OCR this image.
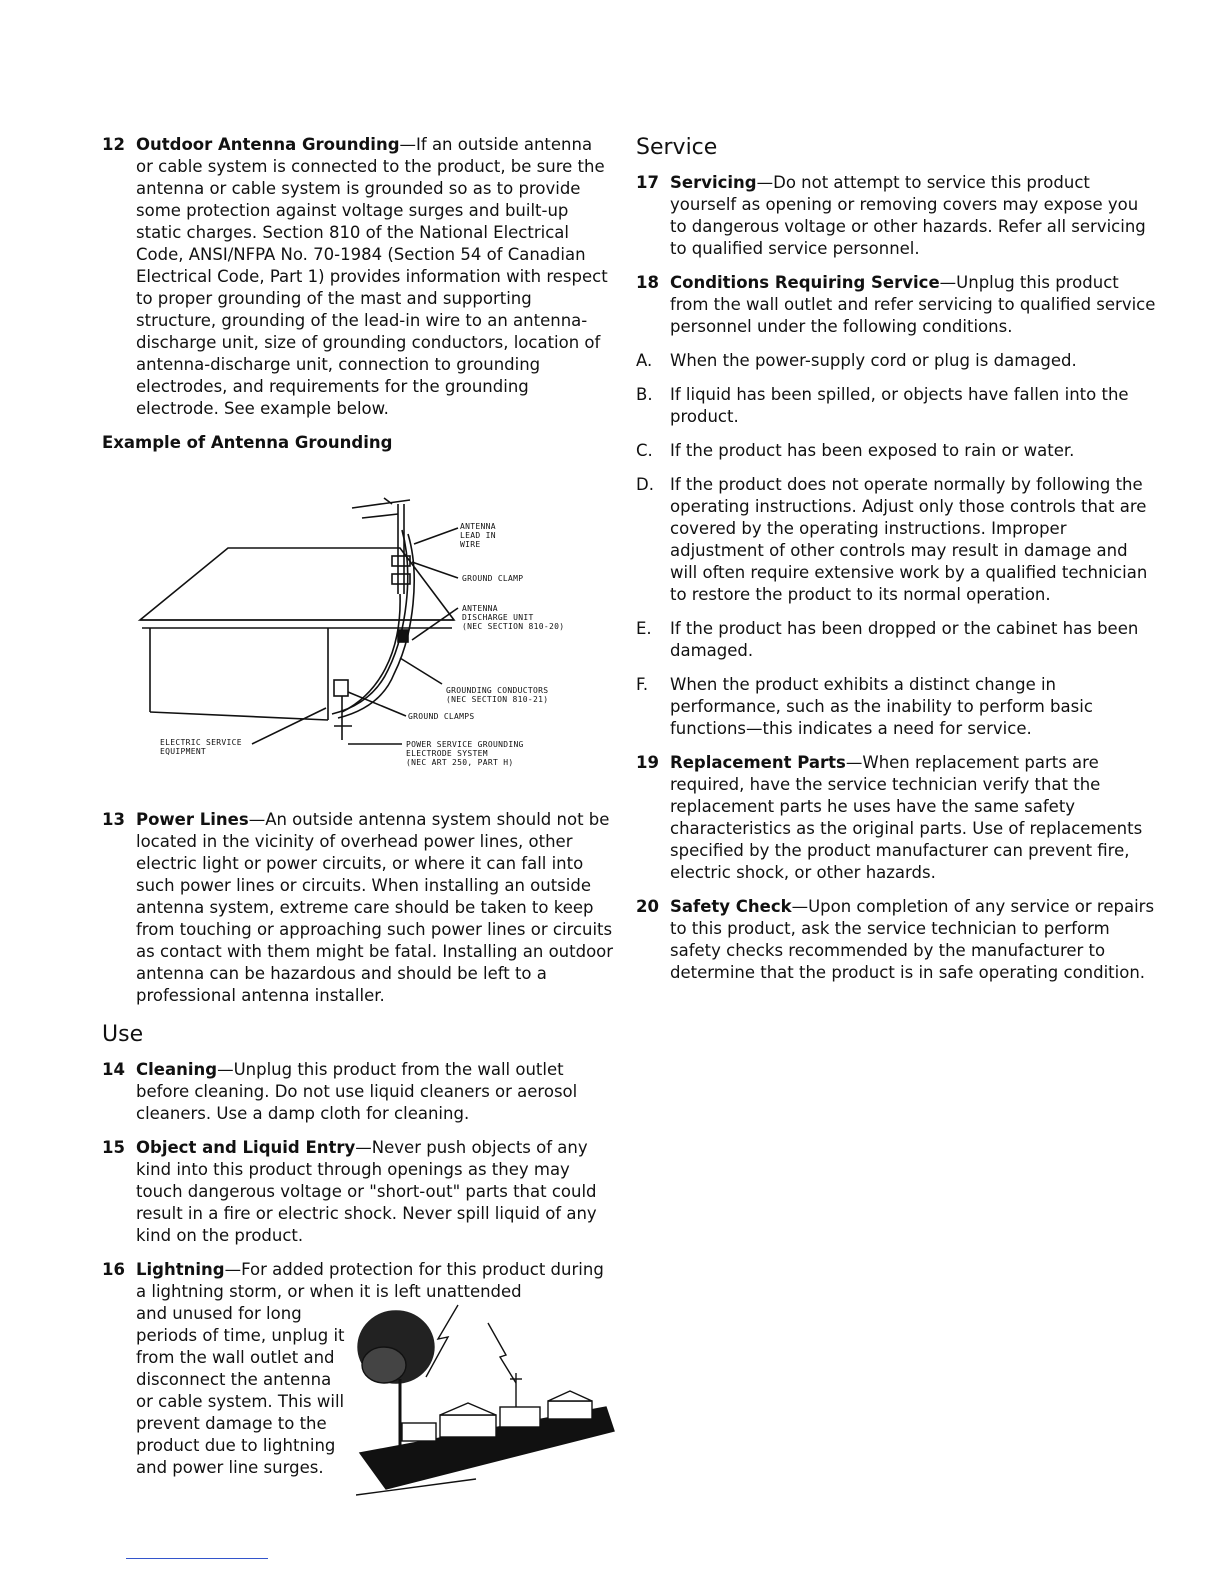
12 Outdoor Antenna Grounding—If an outside antenna or cable system is connected to the product, be sure the antenna or cable system is grounded so as to provide some protection against voltage surges and built-up static charges. Section 810 of the National Electrical Code, ANSI/NFPA No. 70-1984 (Section 54 of Canadian Electrical Code, Part 1) provides information with respect to proper grounding of the mast and supporting structure, grounding of the lead-in wire to an antenna-discharge unit, size of grounding conductors, location of antenna-discharge unit, connection to grounding electrodes, and requirements for the grounding electrode. See example below.
Example of Antenna Grounding
ANTENNA
LEAD IN
WIRE
GROUND CLAMP
ANTENNA
DISCHARGE UNIT
(NEC SECTION 810-20)
GROUNDING CONDUCTORS
(NEC SECTION 810-21)
GROUND CLAMPS
ELECTRIC SERVICE
EQUIPMENT
POWER SERVICE GROUNDING
ELECTRODE SYSTEM
(NEC ART 250, PART H)
13 Power Lines—An outside antenna system should not be located in the vicinity of overhead power lines, other electric light or power circuits, or where it can fall into such power lines or circuits. When installing an outside antenna system, extreme care should be taken to keep from touching or approaching such power lines or circuits as contact with them might be fatal. Installing an outdoor antenna can be hazardous and should be left to a professional antenna installer.
Use
14 Cleaning—Unplug this product from the wall outlet before cleaning. Do not use liquid cleaners or aerosol cleaners. Use a damp cloth for cleaning.
15 Object and Liquid Entry—Never push objects of any kind into this product through openings as they may touch dangerous voltage or "short-out" parts that could result in a fire or electric shock. Never spill liquid of any kind on the product.
16 Lightning—For added protection for this product during a lightning storm, or when it is left unattended
and unused for long periods of time, unplug it from the wall outlet and disconnect the antenna or cable system. This will prevent damage to the product due to lightning and power line surges.
Service
17 Servicing—Do not attempt to service this product yourself as opening or removing covers may expose you to dangerous voltage or other hazards. Refer all servicing to qualified service personnel.
18 Conditions Requiring Service—Unplug this product from the wall outlet and refer servicing to qualified service personnel under the following conditions.
A.	When the power-supply cord or plug is damaged.
B.	If liquid has been spilled, or objects have fallen into the product.
C.	If the product has been exposed to rain or water.
D. If the product does not operate normally by following the operating instructions. Adjust only those controls that are covered by the operating instructions. Improper adjustment of other controls may result in damage and will often require extensive work by a qualified technician to restore the product to its normal operation.
E.	If the product has been dropped or the cabinet has been damaged.
F.	When the product exhibits a distinct change in performance, such as the inability to perform basic functions—this indicates a need for service.
19 Replacement Parts—When replacement parts are required, have the service technician verify that the replacement parts he uses have the same safety characteristics as the original parts. Use of replacements specified by the product manufacturer can prevent fire, electric shock, or other hazards.
20 Safety Check—Upon completion of any service or repairs to this product, ask the service technician to perform safety checks recommended by the manufacturer to determine that the product is in safe operating condition.
